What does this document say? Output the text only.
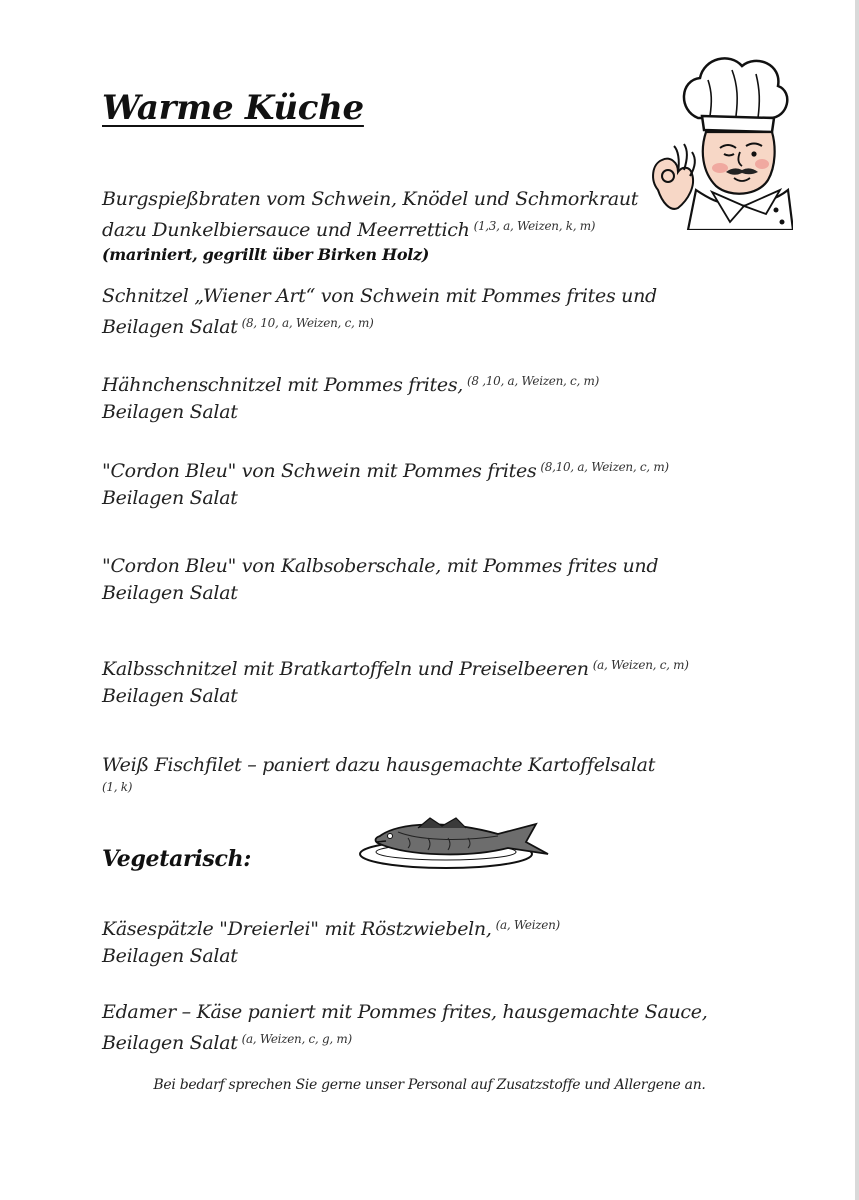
Warme Küche
Burgspießbraten vom Schwein, Knödel und Schmorkraut
dazu Dunkelbiersauce und Meerrettich $^{(1,3, a, Weizen, k, m)}$
(mariniert, gegrillt über Birken Holz)
Schnitzel „Wiener Art“ von Schwein mit Pommes frites und
Beilagen Salat $^{(8, 10, a, Weizen, c, m)}$
Hähnchenschnitzel mit Pommes frites, $^{(8 ,10, a, Weizen, c, m)}$
Beilagen Salat
"Cordon Bleu" von Schwein mit Pommes frites $^{(8,10, a, Weizen, c, m)}$
Beilagen Salat
"Cordon Bleu" von Kalbsoberschale, mit Pommes frites und
Beilagen Salat
Kalbsschnitzel mit Bratkartoffeln und Preiselbeeren $^{(a, Weizen, c, m)}$
Beilagen Salat
Weiß Fischfilet – paniert dazu hausgemachte Kartoffelsalat
(1, k)
Vegetarisch:
Käsespätzle "Dreierlei" mit Röstzwiebeln, $^{(a, Weizen)}$
Beilagen Salat
Edamer – Käse paniert mit Pommes frites, hausgemachte Sauce,
Beilagen Salat $^{(a, Weizen, c, g, m)}$
Bei bedarf sprechen Sie gerne unser Personal auf Zusatzstoffe und Allergene an.
